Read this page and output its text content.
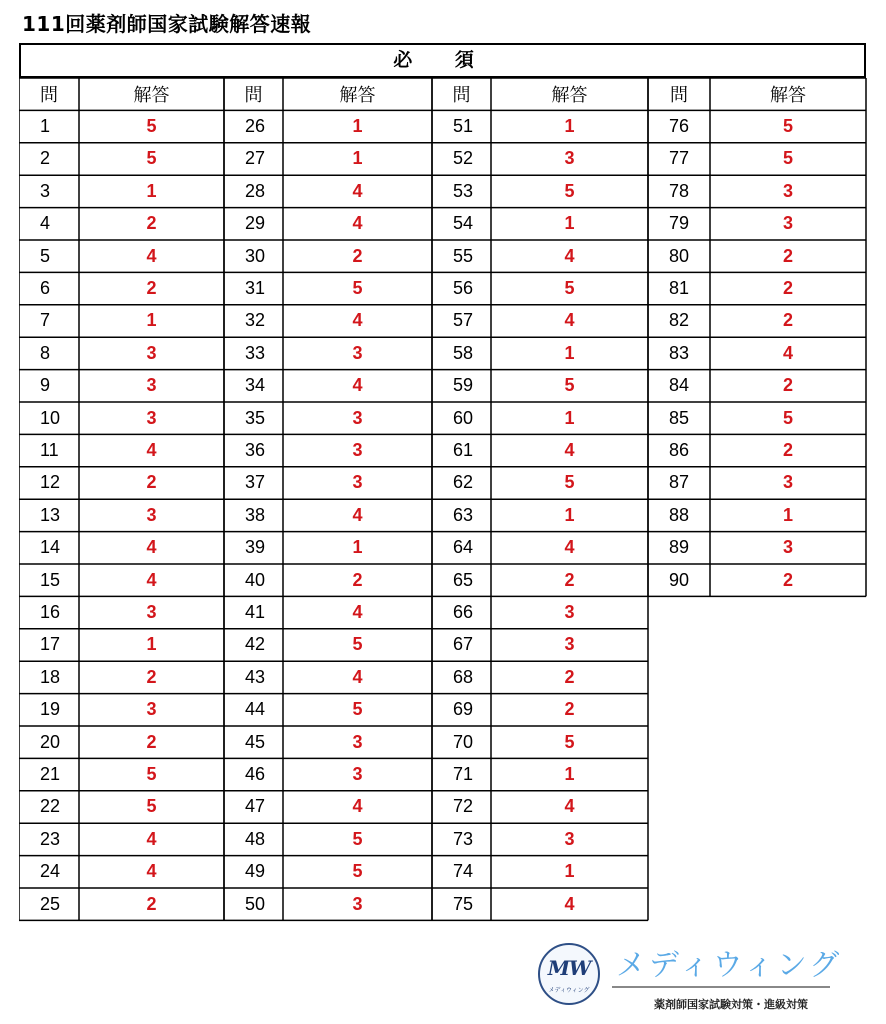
111回薬剤師国家試験解答速報
必 須
問	解答
1	5
2	5
3	1
4	2
5	4
6	2
7	1
8	3
9	3
10	3
11	4
12	2
13	3
14	4
15	4
16	3
17	1
18	2
19	3
20	2
21	5
22	5
23	4
24	4
25	2
問	解答
26	1
27	1
28	4
29	4
30	2
31	5
32	4
33	3
34	4
35	3
36	3
37	3
38	4
39	1
40	2
41	4
42	5
43	4
44	5
45	3
46	3
47	4
48	5
49	5
50	3
問	解答
51	1
52	3
53	5
54	1
55	4
56	5
57	4
58	1
59	5
60	1
61	4
62	5
63	1
64	4
65	2
66	3
67	3
68	2
69	2
70	5
71	1
72	4
73	3
74	1
75	4
問	解答
76	5
77	5
78	3
79	3
80	2
81	2
82	2
83	4
84	2
85	5
86	2
87	3
88	1
89	3
90	2
MW
メディウィング
メディウィング
薬剤師国家試験対策・進級対策
